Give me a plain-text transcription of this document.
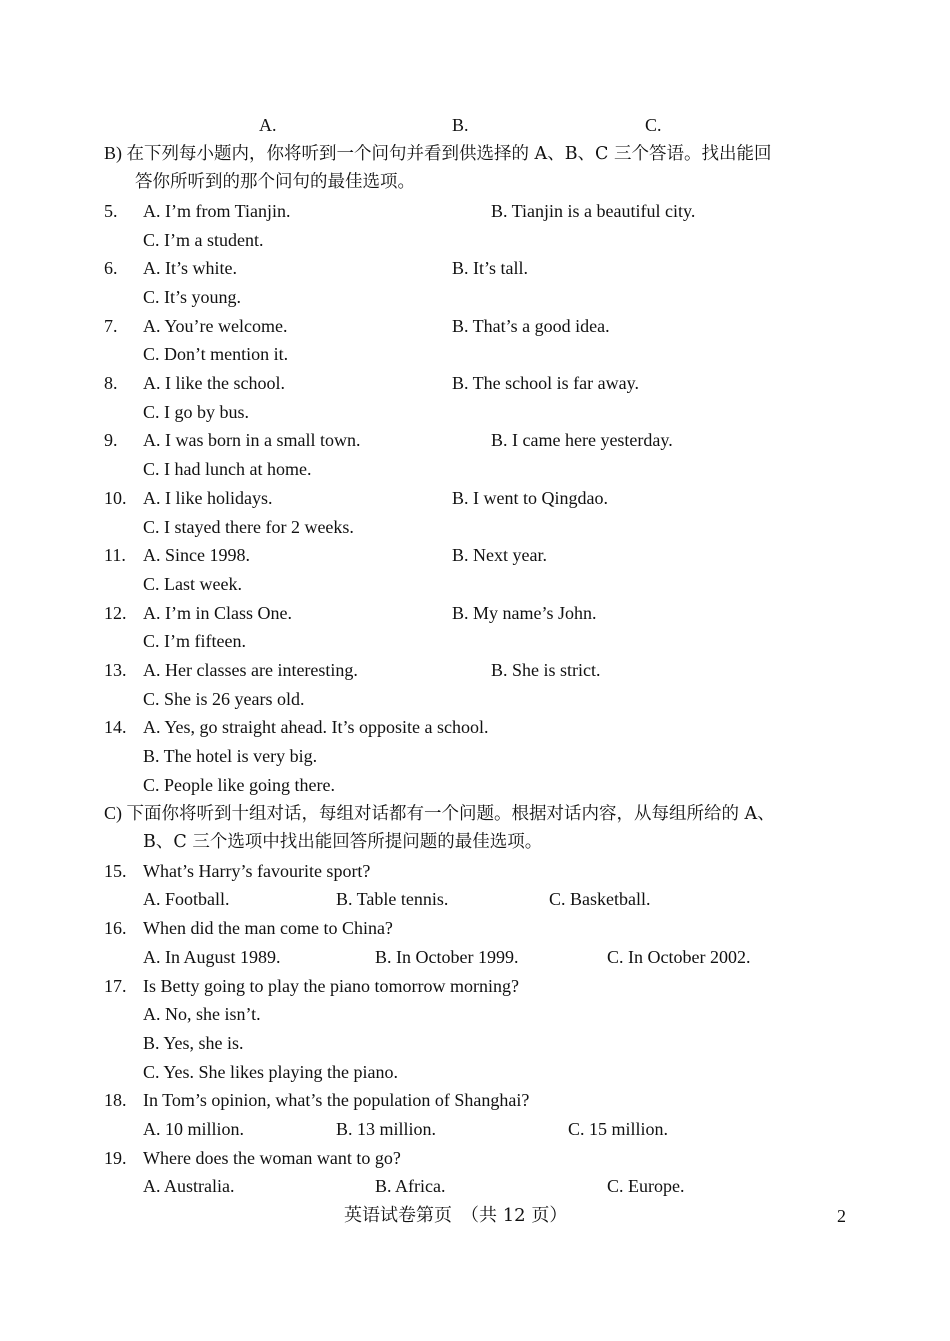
A.	B.	C.
B) 在下列每小题内，你将听到一个问句并看到供选择的 A、B、C 三个答语。找出能回
答你所听到的那个问句的最佳选项。
5. A. I’m from Tianjin.	B. Tianjin is a beautiful city.
C. I’m a student.
6. A. It’s white.	B. It’s tall.
C. It’s young.
7. A. You’re welcome.	B. That’s a good idea.
C. Don’t mention it.
8. A. I like the school.	B. The school is far away.
C. I go by bus.
9. A. I was born in a small town.	B. I came here yesterday.
C. I had lunch at home.
10. A. I like holidays.	B. I went to Qingdao.
C. I stayed there for 2 weeks.
11. A. Since 1998.	B. Next year.
C. Last week.
12. A. I’m in Class One.	B. My name’s John.
C. I’m fifteen.
13. A. Her classes are interesting.	B. She is strict.
C. She is 26 years old.
14. A. Yes, go straight ahead. It’s opposite a school.
B. The hotel is very big.
C. People like going there.
C) 下面你将听到十组对话，每组对话都有一个问题。根据对话内容，从每组所给的 A、
B、C 三个选项中找出能回答所提问题的最佳选项。
15. What’s Harry’s favourite sport?
A. Football.	B. Table tennis.	C. Basketball.
16. When did the man come to China?
A. In August 1989.	B. In October 1999.	C. In October 2002.
17. Is Betty going to play the piano tomorrow morning?
A. No, she isn’t.
B. Yes, she is.
C. Yes. She likes playing the piano.
18. In Tom’s opinion, what’s the population of Shanghai?
A. 10 million.	B. 13 million.	C. 15 million.
19. Where does the woman want to go?
A. Australia.	B. Africa.	C. Europe.
英语试卷第页　（共 12 页）	2
